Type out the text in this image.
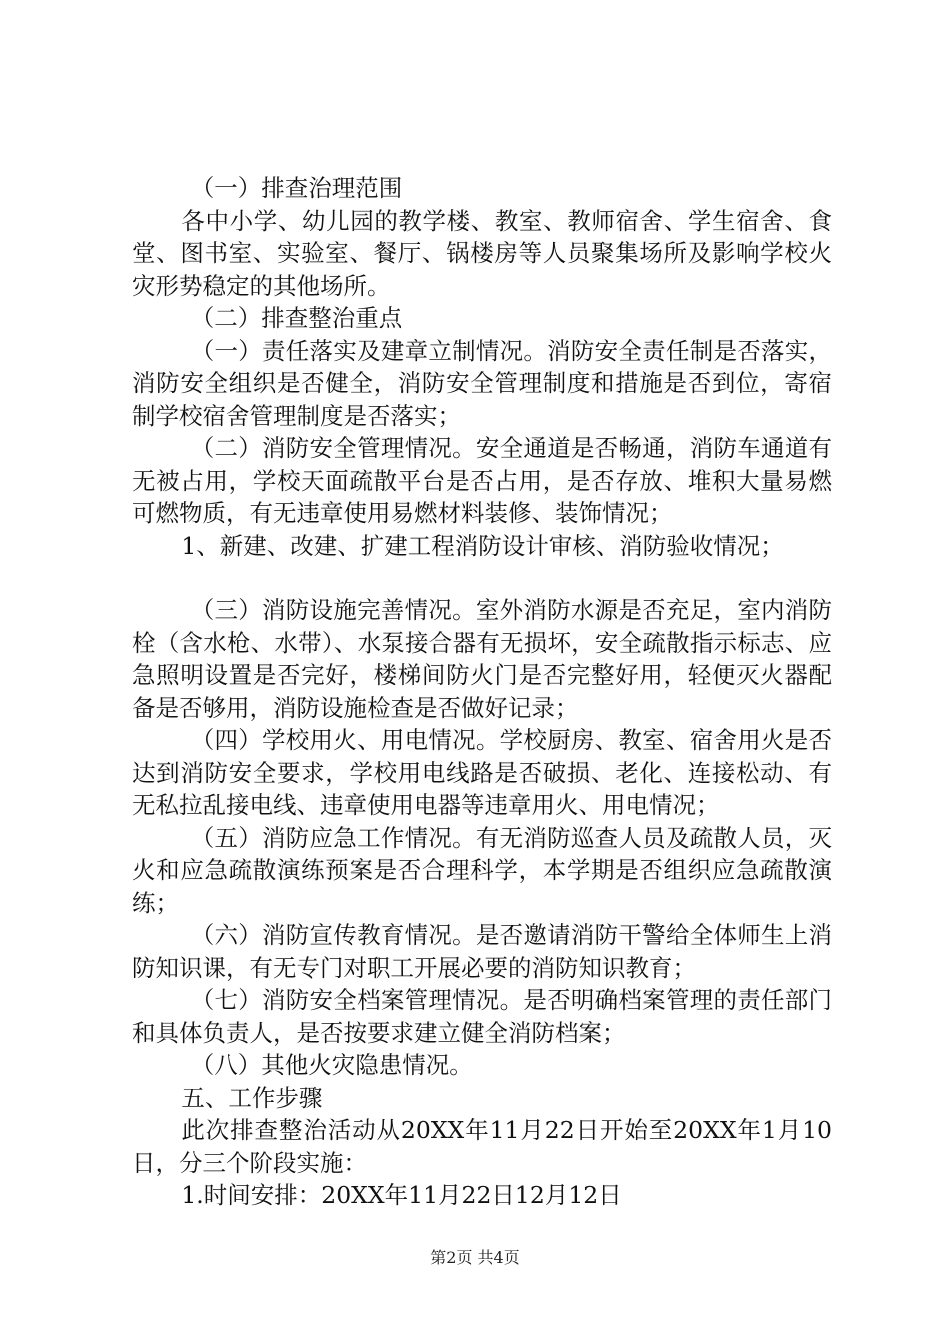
（一）排查治理范围

各中小学、幼儿园的教学楼、教室、教师宿舍、学生宿舍、食堂、图书室、实验室、餐厅、锅楼房等人员聚集场所及影响学校火灾形势稳定的其他场所。

（二）排查整治重点

（一）责任落实及建章立制情况。消防安全责任制是否落实，消防安全组织是否健全，消防安全管理制度和措施是否到位，寄宿制学校宿舍管理制度是否落实；

（二）消防安全管理情况。安全通道是否畅通，消防车通道有无被占用，学校天面疏散平台是否占用，是否存放、堆积大量易燃可燃物质，有无违章使用易燃材料装修、装饰情况；

1、新建、改建、扩建工程消防设计审核、消防验收情况；

（三）消防设施完善情况。室外消防水源是否充足，室内消防栓（含水枪、水带）、水泵接合器有无损坏，安全疏散指示标志、应急照明设置是否完好，楼梯间防火门是否完整好用，轻便灭火器配备是否够用，消防设施检查是否做好记录；

（四）学校用火、用电情况。学校厨房、教室、宿舍用火是否达到消防安全要求，学校用电线路是否破损、老化、连接松动、有无私拉乱接电线、违章使用电器等违章用火、用电情况；

（五）消防应急工作情况。有无消防巡查人员及疏散人员，灭火和应急疏散演练预案是否合理科学，本学期是否组织应急疏散演练；

（六）消防宣传教育情况。是否邀请消防干警给全体师生上消防知识课，有无专门对职工开展必要的消防知识教育；

（七）消防安全档案管理情况。是否明确档案管理的责任部门和具体负责人，是否按要求建立健全消防档案；

（八）其他火灾隐患情况。

五、工作步骤

此次排查整治活动从20XX年11月22日开始至20XX年1月10日，分三个阶段实施：

1.时间安排：20XX年11月22日12月12日

第2页 共4页
